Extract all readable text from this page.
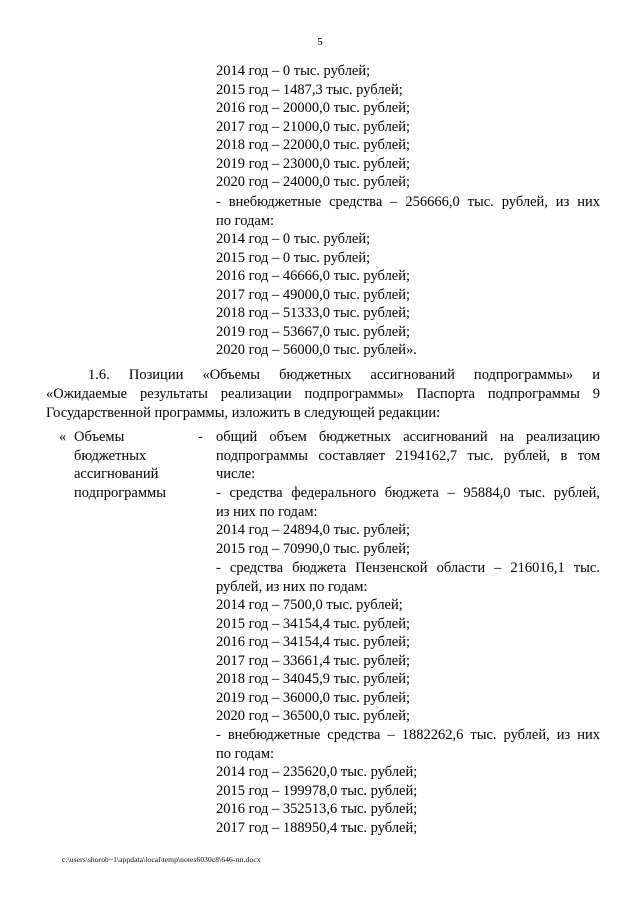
5
2014 год – 0 тыс. рублей;
2015 год – 1487,3 тыс. рублей;
2016 год – 20000,0 тыс. рублей;
2017 год – 21000,0 тыс. рублей;
2018 год – 22000,0 тыс. рублей;
2019 год – 23000,0 тыс. рублей;
2020 год – 24000,0 тыс. рублей;
- внебюджетные средства – 256666,0 тыс. рублей, из них
по годам:
2014 год – 0 тыс. рублей;
2015 год – 0 тыс. рублей;
2016 год – 46666,0 тыс. рублей;
2017 год – 49000,0 тыс. рублей;
2018 год – 51333,0 тыс. рублей;
2019 год – 53667,0 тыс. рублей;
2020 год – 56000,0 тыс. рублей».
1.6. Позиции «Объемы бюджетных ассигнований подпрограммы» и
«Ожидаемые результаты реализации подпрограммы» Паспорта подпрограммы 9
Государственной программы, изложить в следующей редакции:
« Объемы
бюджетных
ассигнований
подпрограммы
- общий объем бюджетных ассигнований на реализацию
подпрограммы составляет 2194162,7 тыс. рублей, в том
числе:
- средства федерального бюджета – 95884,0 тыс. рублей,
из них по годам:
2014 год – 24894,0 тыс. рублей;
2015 год – 70990,0 тыс. рублей;
- средства бюджета Пензенской области – 216016,1 тыс.
рублей, из них по годам:
2014 год – 7500,0 тыс. рублей;
2015 год – 34154,4 тыс. рублей;
2016 год – 34154,4 тыс. рублей;
2017 год – 33661,4 тыс. рублей;
2018 год – 34045,9 тыс. рублей;
2019 год – 36000,0 тыс. рублей;
2020 год – 36500,0 тыс. рублей;
- внебюджетные средства – 1882262,6 тыс. рублей, из них
по годам:
2014 год – 235620,0 тыс. рублей;
2015 год – 199978,0 тыс. рублей;
2016 год – 352513,6 тыс. рублей;
2017 год – 188950,4 тыс. рублей;
c:\users\shorob~1\appdata\local\temp\notes6030c8\646-пп.docx
